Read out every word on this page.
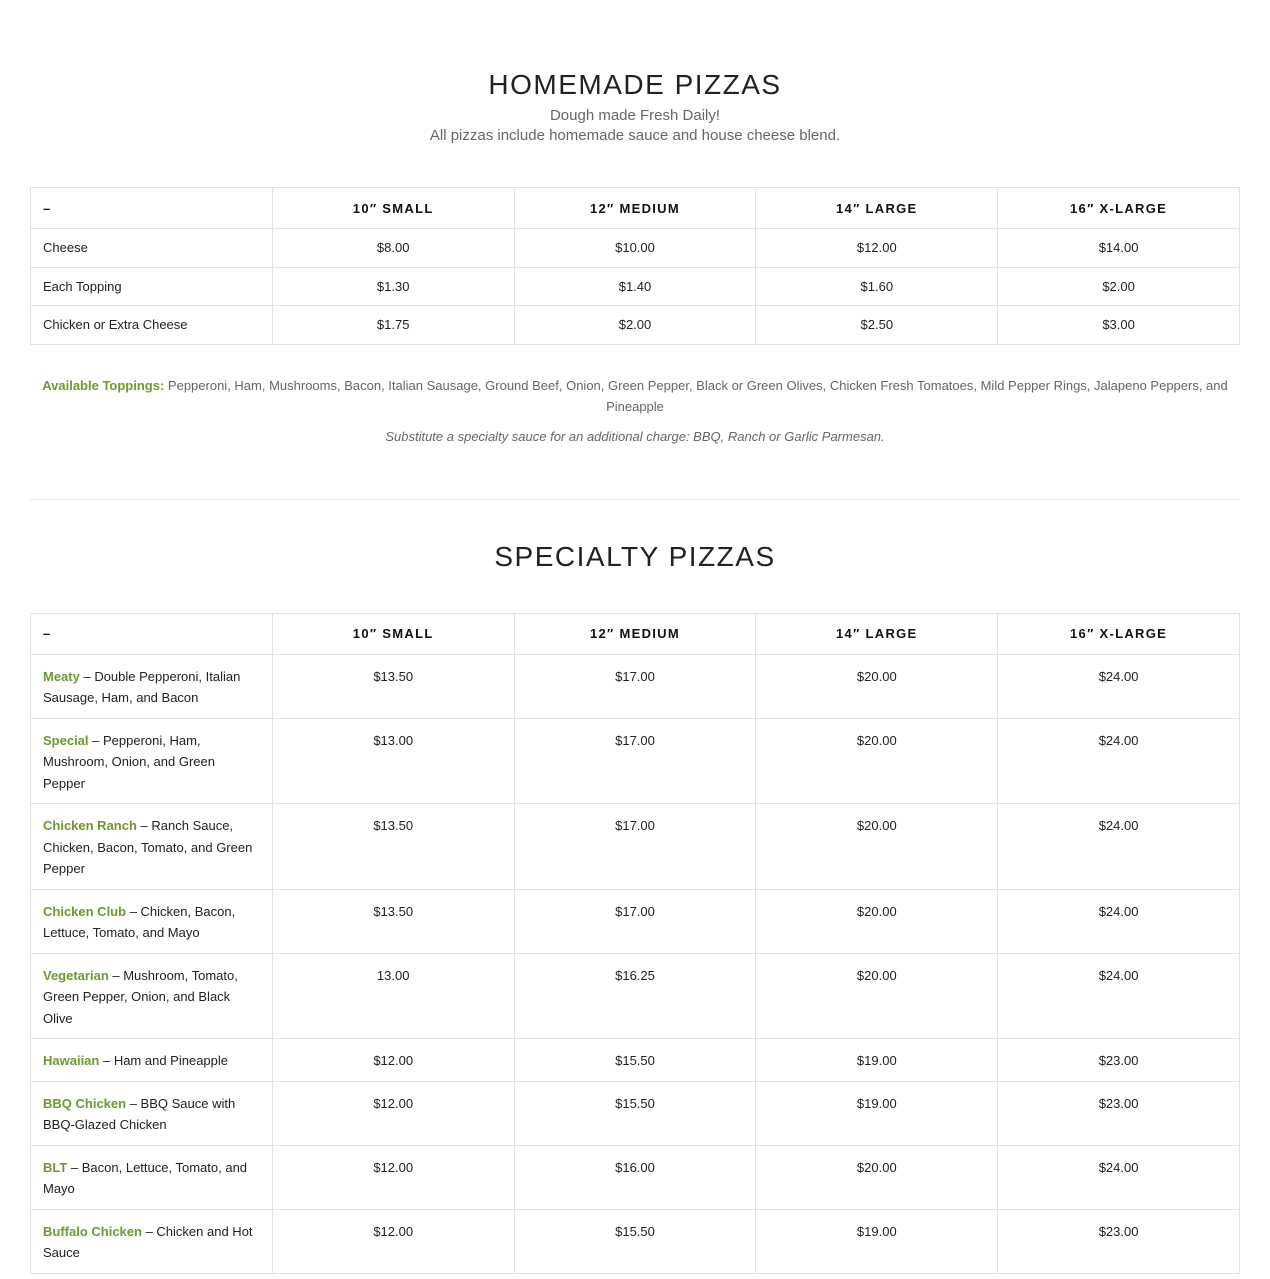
HOMEMADE PIZZAS
Dough made Fresh Daily!
All pizzas include homemade sauce and house cheese blend.
–	10″ SMALL	12″ MEDIUM	14″ LARGE	16″ X-LARGE
Cheese	$8.00	$10.00	$12.00	$14.00
Each Topping	$1.30	$1.40	$1.60	$2.00
Chicken or Extra Cheese	$1.75	$2.00	$2.50	$3.00
Available Toppings: Pepperoni, Ham, Mushrooms, Bacon, Italian Sausage, Ground Beef, Onion, Green Pepper, Black or Green Olives, Chicken Fresh Tomatoes, Mild Pepper Rings, Jalapeno Peppers, and Pineapple
Substitute a specialty sauce for an additional charge: BBQ, Ranch or Garlic Parmesan.
SPECIALTY PIZZAS
–	10″ SMALL	12″ MEDIUM	14″ LARGE	16″ X-LARGE
Meaty – Double Pepperoni, Italian Sausage, Ham, and Bacon	$13.50	$17.00	$20.00	$24.00
Special – Pepperoni, Ham, Mushroom, Onion, and Green Pepper	$13.00	$17.00	$20.00	$24.00
Chicken Ranch – Ranch Sauce, Chicken, Bacon, Tomato, and Green Pepper	$13.50	$17.00	$20.00	$24.00
Chicken Club – Chicken, Bacon, Lettuce, Tomato, and Mayo	$13.50	$17.00	$20.00	$24.00
Vegetarian – Mushroom, Tomato, Green Pepper, Onion, and Black Olive	13.00	$16.25	$20.00	$24.00
Hawaiian – Ham and Pineapple	$12.00	$15.50	$19.00	$23.00
BBQ Chicken – BBQ Sauce with BBQ-Glazed Chicken	$12.00	$15.50	$19.00	$23.00
BLT – Bacon, Lettuce, Tomato, and Mayo	$12.00	$16.00	$20.00	$24.00
Buffalo Chicken – Chicken and Hot Sauce	$12.00	$15.50	$19.00	$23.00
